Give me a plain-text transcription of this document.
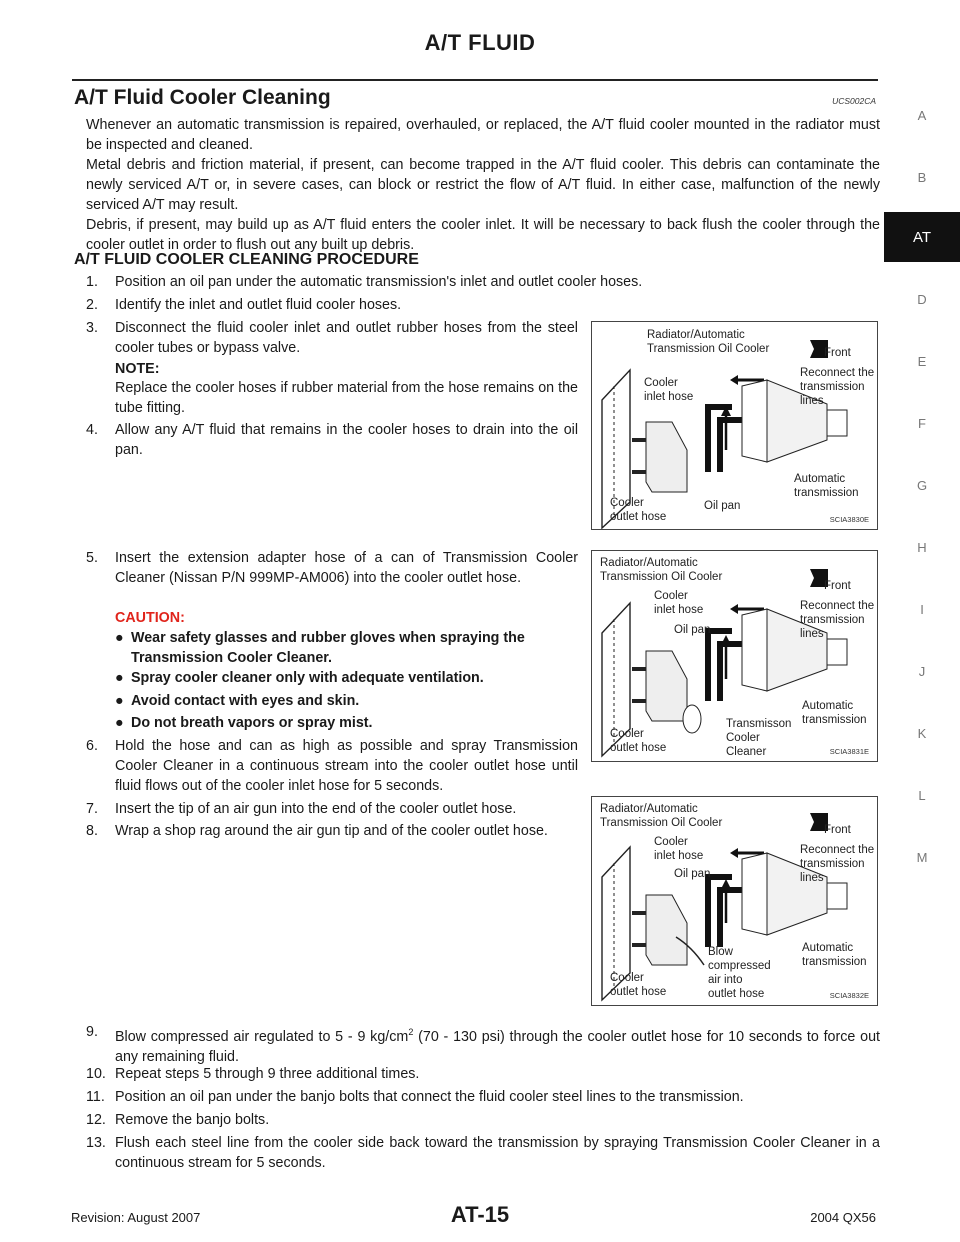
A/T FLUID
A/T Fluid Cooler Cleaning	UCS002CA

Whenever an automatic transmission is repaired, overhauled, or replaced, the A/T fluid cooler mounted in the radiator must be inspected and cleaned.

Metal debris and friction material, if present, can become trapped in the A/T fluid cooler. This debris can contaminate the newly serviced A/T or, in severe cases, can block or restrict the flow of A/T fluid. In either case, malfunction of the newly serviced A/T may result.

Debris, if present, may build up as A/T fluid enters the cooler inlet. It will be necessary to back flush the cooler through the cooler outlet in order to flush out any built up debris.

A/T FLUID COOLER CLEANING PROCEDURE
1. Position an oil pan under the automatic transmission's inlet and outlet cooler hoses.
2. Identify the inlet and outlet fluid cooler hoses.
3. Disconnect the fluid cooler inlet and outlet rubber hoses from the steel cooler tubes or bypass valve.
NOTE:
Replace the cooler hoses if rubber material from the hose remains on the tube fitting.
4. Allow any A/T fluid that remains in the cooler hoses to drain into the oil pan.
5. Insert the extension adapter hose of a can of Transmission Cooler Cleaner (Nissan P/N 999MP-AM006) into the cooler outlet hose.
CAUTION:
● Wear safety glasses and rubber gloves when spraying the Transmission Cooler Cleaner.
● Spray cooler cleaner only with adequate ventilation.
● Avoid contact with eyes and skin.
● Do not breath vapors or spray mist.
6. Hold the hose and can as high as possible and spray Transmission Cooler Cleaner in a continuous stream into the cooler outlet hose until fluid flows out of the cooler inlet hose for 5 seconds.
7. Insert the tip of an air gun into the end of the cooler outlet hose.
8. Wrap a shop rag around the air gun tip and of the cooler outlet hose.
9. Blow compressed air regulated to 5 - 9 $kg/cm^2$ (70 - 130 psi) through the cooler outlet hose for 10 seconds to force out any remaining fluid.
10. Repeat steps 5 through 9 three additional times.
11. Position an oil pan under the banjo bolts that connect the fluid cooler steel lines to the transmission.
12. Remove the banjo bolts.
13. Flush each steel line from the cooler side back toward the transmission by spraying Transmission Cooler Cleaner in a continuous stream for 5 seconds.
Radiator/Automatic
Transmission Oil Cooler	Front
Reconnect the
transmission
lines
Cooler
inlet hose
Cooler
outlet hose
Oil pan
Automatic
transmission
SCIA3830E
Radiator/Automatic
Transmission Oil Cooler
Front
Reconnect the
transmission
lines
Cooler
inlet hose
Oil pan
Cooler
outlet hose
Transmisson
Cooler
Cleaner
Automatic
transmission
SCIA3831E
Radiator/Automatic
Transmission Oil Cooler
Front
Reconnect the
transmission
lines
Cooler
inlet hose
Oil pan
Cooler
outlet hose
Blow
compressed
air into
outlet hose
Automatic
transmission
SCIA3832E
A
B
AT
D
E
F
G
H
I
J
K
L
M
Revision: August 2007	AT-15	2004 QX56
